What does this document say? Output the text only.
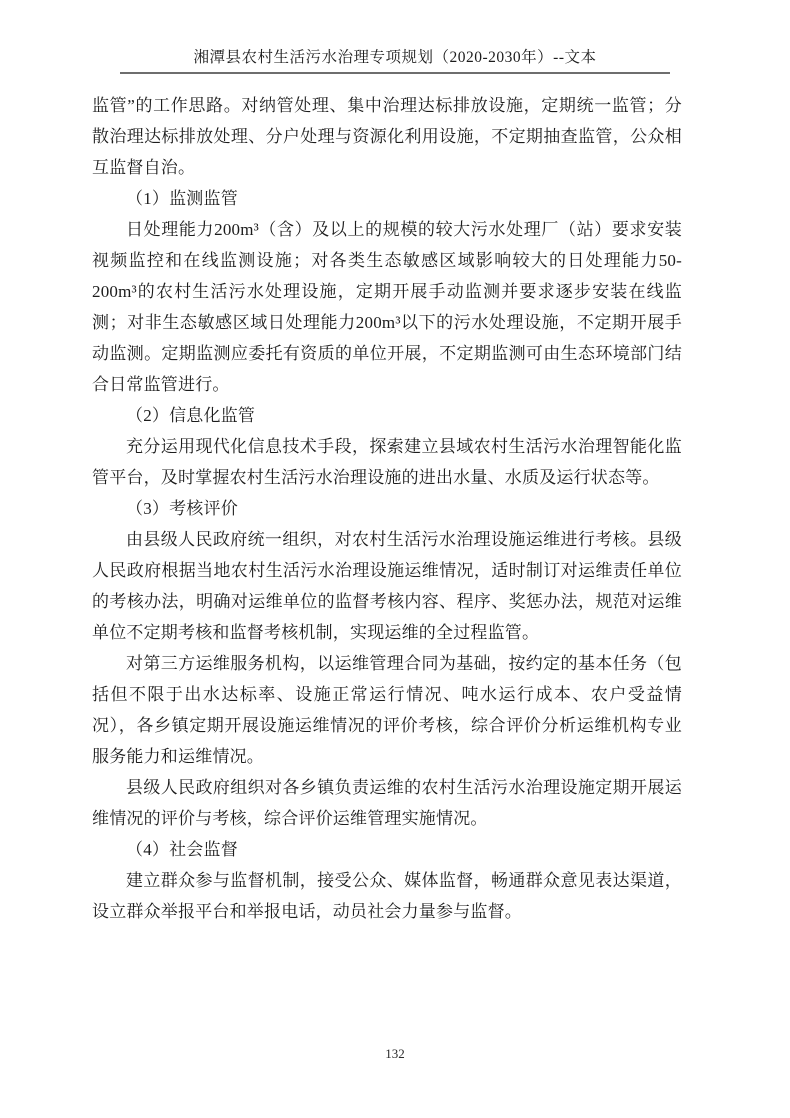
湘潭县农村生活污水治理专项规划（2020-2030年）--文本

监管”的工作思路。对纳管处理、集中治理达标排放设施，定期统一监管；分散治理达标排放处理、分户处理与资源化利用设施，不定期抽查监管，公众相互监督自治。

（1）监测监管

日处理能力200m³（含）及以上的规模的较大污水处理厂（站）要求安装视频监控和在线监测设施；对各类生态敏感区域影响较大的日处理能力50-200m³的农村生活污水处理设施，定期开展手动监测并要求逐步安装在线监测；对非生态敏感区域日处理能力200m³以下的污水处理设施，不定期开展手动监测。定期监测应委托有资质的单位开展，不定期监测可由生态环境部门结合日常监管进行。

（2）信息化监管

充分运用现代化信息技术手段，探索建立县域农村生活污水治理智能化监管平台，及时掌握农村生活污水治理设施的进出水量、水质及运行状态等。

（3）考核评价

由县级人民政府统一组织，对农村生活污水治理设施运维进行考核。县级人民政府根据当地农村生活污水治理设施运维情况，适时制订对运维责任单位的考核办法，明确对运维单位的监督考核内容、程序、奖惩办法，规范对运维单位不定期考核和监督考核机制，实现运维的全过程监管。

对第三方运维服务机构，以运维管理合同为基础，按约定的基本任务（包括但不限于出水达标率、设施正常运行情况、吨水运行成本、农户受益情况），各乡镇定期开展设施运维情况的评价考核，综合评价分析运维机构专业服务能力和运维情况。

县级人民政府组织对各乡镇负责运维的农村生活污水治理设施定期开展运维情况的评价与考核，综合评价运维管理实施情况。

（4）社会监督

建立群众参与监督机制，接受公众、媒体监督，畅通群众意见表达渠道，设立群众举报平台和举报电话，动员社会力量参与监督。

132
